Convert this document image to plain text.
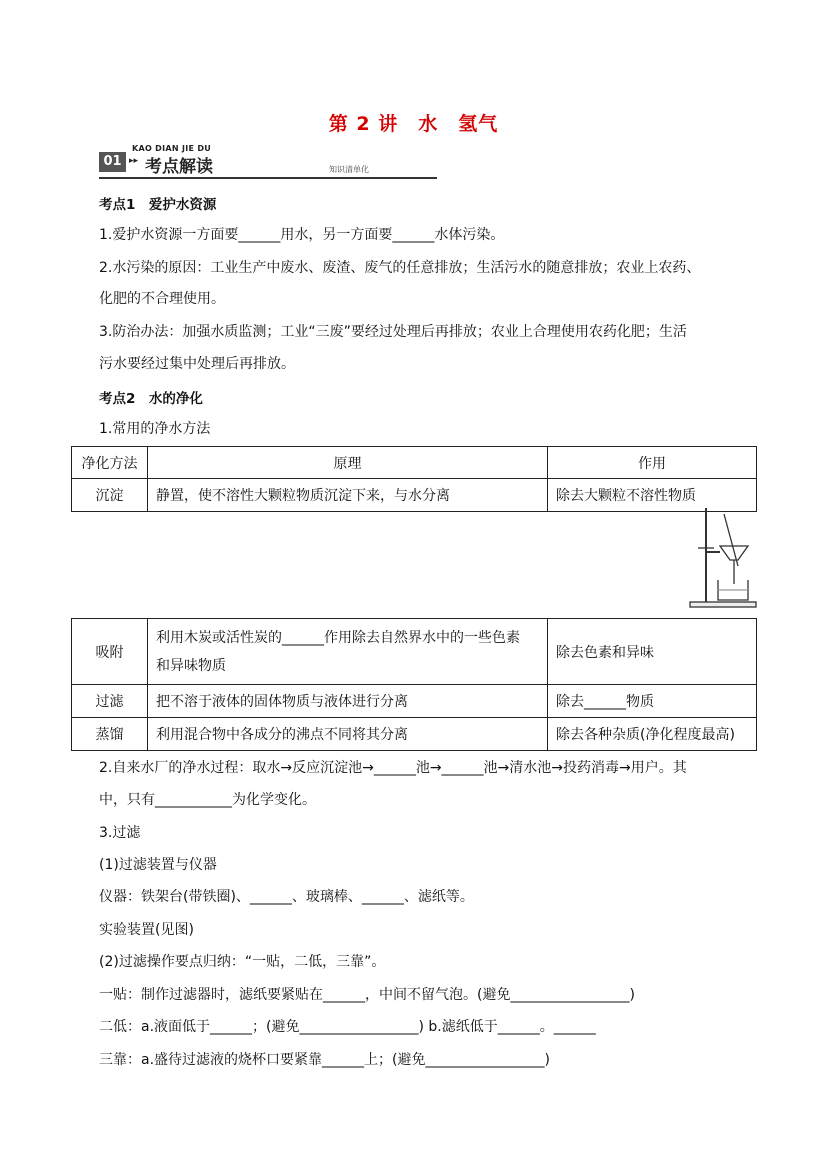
第 2 讲　水　氢气
KAO DIAN JIE DU
01 ▸▸ 考点解读	知识清单化
考点1　爱护水资源
1.爱护水资源一方面要______用水，另一方面要______水体污染。
2.水污染的原因：工业生产中废水、废渣、废气的任意排放；生活污水的随意排放；农业上农药、
化肥的不合理使用。
3.防治办法：加强水质监测；工业“三废”要经过处理后再排放；农业上合理使用农药化肥；生活
污水要经过集中处理后再排放。
考点2　水的净化
1.常用的净水方法
净化方法	原理	作用
沉淀	静置，使不溶性大颗粒物质沉淀下来，与水分离	除去大颗粒不溶性物质
吸附	利用木炭或活性炭的______作用除去自然界水中的一些色素
和异味物质	除去色素和异味
过滤	把不溶于液体的固体物质与液体进行分离	除去______物质
蒸馏	利用混合物中各成分的沸点不同将其分离	除去各种杂质(净化程度最高)
2.自来水厂的净水过程：取水→反应沉淀池→______池→______池→清水池→投药消毒→用户。其
中，只有___________为化学变化。
3.过滤
(1)过滤装置与仪器
仪器：铁架台(带铁圈)、______、玻璃棒、______、滤纸等。
实验装置(见图)
(2)过滤操作要点归纳：“一贴，二低，三靠”。
一贴：制作过滤器时，滤纸要紧贴在______，中间不留气泡。(避免_________________)
二低：a.液面低于______；(避免_________________) b.滤纸低于______。______
三靠：a.盛待过滤液的烧杯口要紧靠______上；(避免_________________)
